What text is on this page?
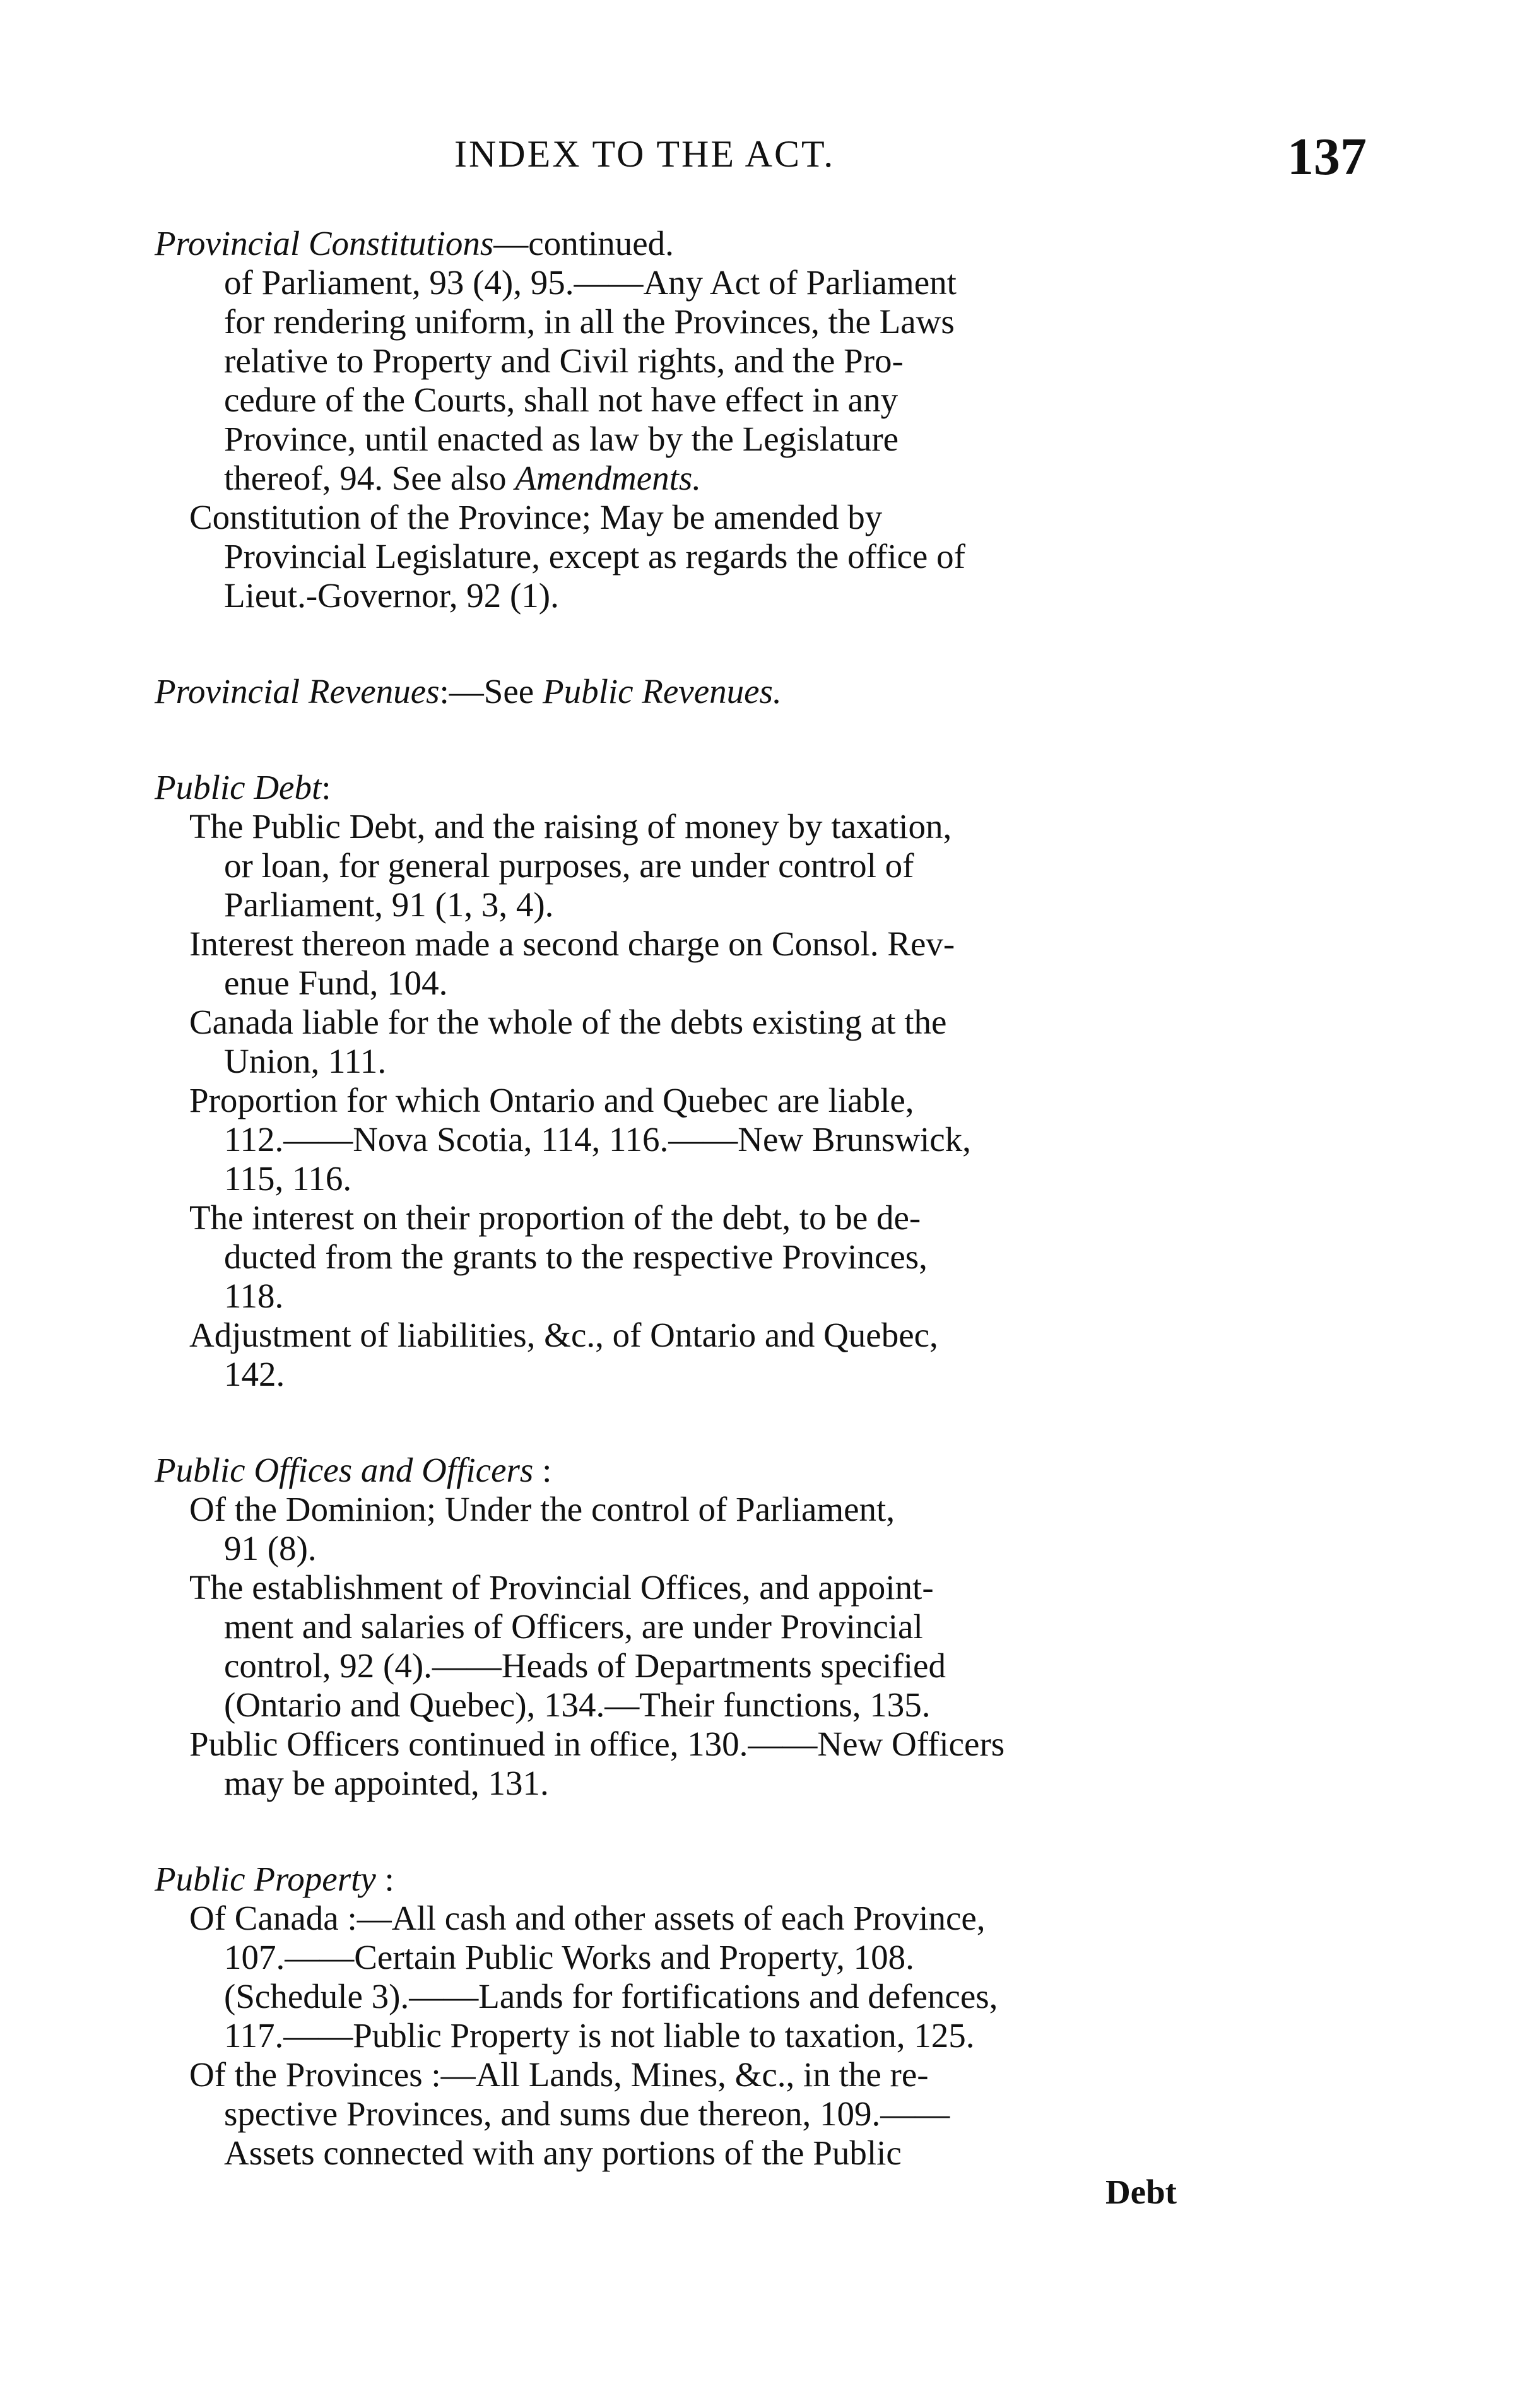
INDEX TO THE ACT.	137
Provincial Constitutions—continued.
of Parliament, 93 (4), 95.——Any Act of Parliament
for rendering uniform, in all the Provinces, the Laws
relative to Property and Civil rights, and the Pro-
cedure of the Courts, shall not have effect in any
Province, until enacted as law by the Legislature
thereof, 94. See also Amendments.
Constitution of the Province; May be amended by
Provincial Legislature, except as regards the office of
Lieut.-Governor, 92 (1).
Provincial Revenues:—See Public Revenues.
Public Debt:
The Public Debt, and the raising of money by taxation,
or loan, for general purposes, are under control of
Parliament, 91 (1, 3, 4).
Interest thereon made a second charge on Consol. Rev-
enue Fund, 104.
Canada liable for the whole of the debts existing at the
Union, 111.
Proportion for which Ontario and Quebec are liable,
112.——Nova Scotia, 114, 116.——New Brunswick,
115, 116.
The interest on their proportion of the debt, to be de-
ducted from the grants to the respective Provinces,
118.
Adjustment of liabilities, &c., of Ontario and Quebec,
142.
Public Offices and Officers :
Of the Dominion; Under the control of Parliament,
91 (8).
The establishment of Provincial Offices, and appoint-
ment and salaries of Officers, are under Provincial
control, 92 (4).——Heads of Departments specified
(Ontario and Quebec), 134.—Their functions, 135.
Public Officers continued in office, 130.——New Officers
may be appointed, 131.
Public Property :
Of Canada :—All cash and other assets of each Province,
107.——Certain Public Works and Property, 108.
(Schedule 3).——Lands for fortifications and defences,
117.——Public Property is not liable to taxation, 125.
Of the Provinces :—All Lands, Mines, &c., in the re-
spective Provinces, and sums due thereon, 109.——
Assets connected with any portions of the Public
Debt
